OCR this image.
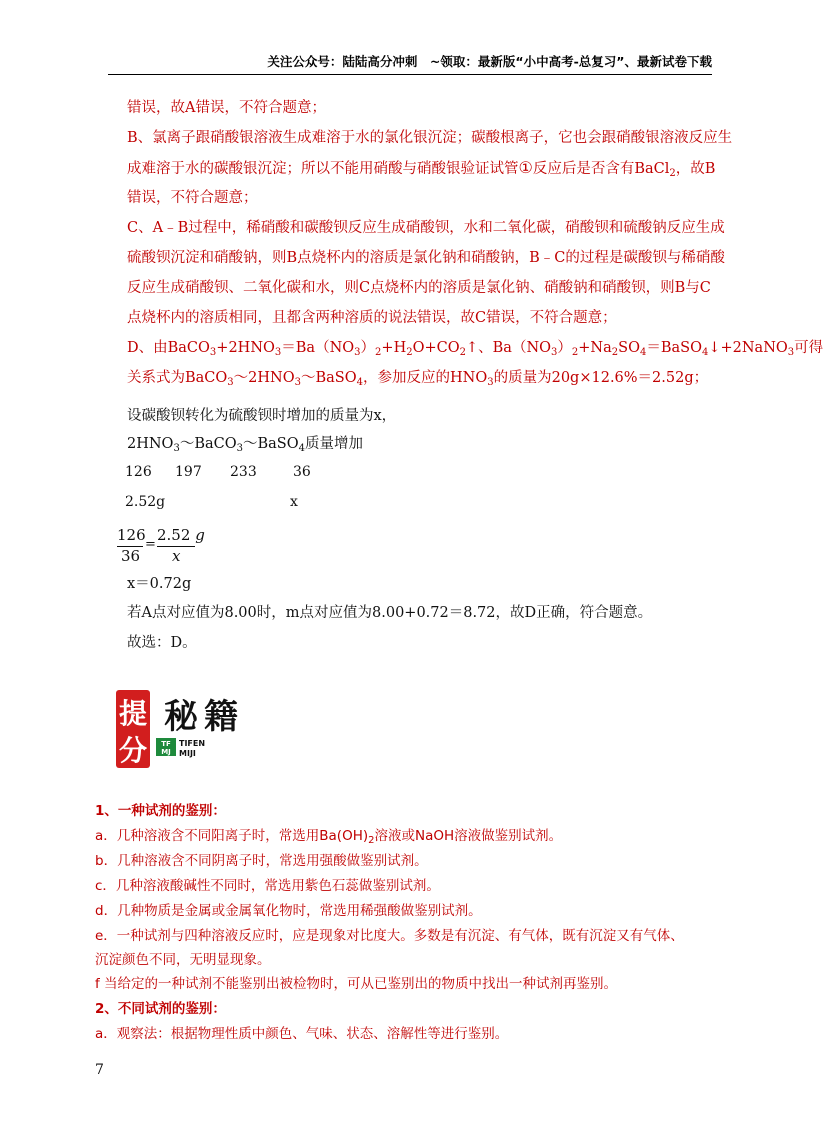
关注公众号：陆陆高分冲刺　~领取：最新版“小中高考-总复习”、最新试卷下载
错误，故A错误，不符合题意；
B、氯离子跟硝酸银溶液生成难溶于水的氯化银沉淀；碳酸根离子，它也会跟硝酸银溶液反应生
成难溶于水的碳酸银沉淀；所以不能用硝酸与硝酸银验证试管①反应后是否含有BaCl$_2$，故B
错误，不符合题意；
C、A﹣B过程中，稀硝酸和碳酸钡反应生成硝酸钡，水和二氧化碳，硝酸钡和硫酸钠反应生成
硫酸钡沉淀和硝酸钠，则B点烧杯内的溶质是氯化钠和硝酸钠，B﹣C的过程是碳酸钡与稀硝酸
反应生成硝酸钡、二氧化碳和水，则C点烧杯内的溶质是氯化钠、硝酸钠和硝酸钡，则B与C
点烧杯内的溶质相同，且都含两种溶质的说法错误，故C错误，不符合题意；
D、由$BaCO_3+2HNO_3=Ba(NO_3)_2+H_2O+CO_2↑$、$Ba(NO_3)_2+Na_2SO_4=BaSO_4↓+2NaNO_3$可得
关系式为$BaCO_3\sim 2HNO_3\sim BaSO_4$，参加反应的$HNO_3$的质量为20g×12.6%＝2.52g；
设碳酸钡转化为硫酸钡时增加的质量为x，
$2HNO_3\sim BaCO_3\sim BaSO_4$质量增加
126 197 233	36
2.52g	x
126
36
=
2.52 g
x
x＝0.72g
若A点对应值为8.00时，m点对应值为8.00+0.72＝8.72，故D正确，符合题意。
故选：D。
提
分
秘 籍
TF
MJ
TIFEN
MIJI
1、一种试剂的鉴别：
a．几种溶液含不同阳离子时，常选用$Ba(OH)_2$溶液或NaOH溶液做鉴别试剂。
b．几种溶液含不同阴离子时，常选用强酸做鉴别试剂。
c．几种溶液酸碱性不同时，常选用紫色石蕊做鉴别试剂。
d．几种物质是金属或金属氧化物时，常选用稀强酸做鉴别试剂。
e．一种试剂与四种溶液反应时，应是现象对比度大。多数是有沉淀、有气体，既有沉淀又有气体、
沉淀颜色不同，无明显现象。
f 当给定的一种试剂不能鉴别出被检物时，可从已鉴别出的物质中找出一种试剂再鉴别。
2、不同试剂的鉴别：
a．观察法：根据物理性质中颜色、气味、状态、溶解性等进行鉴别。
7
